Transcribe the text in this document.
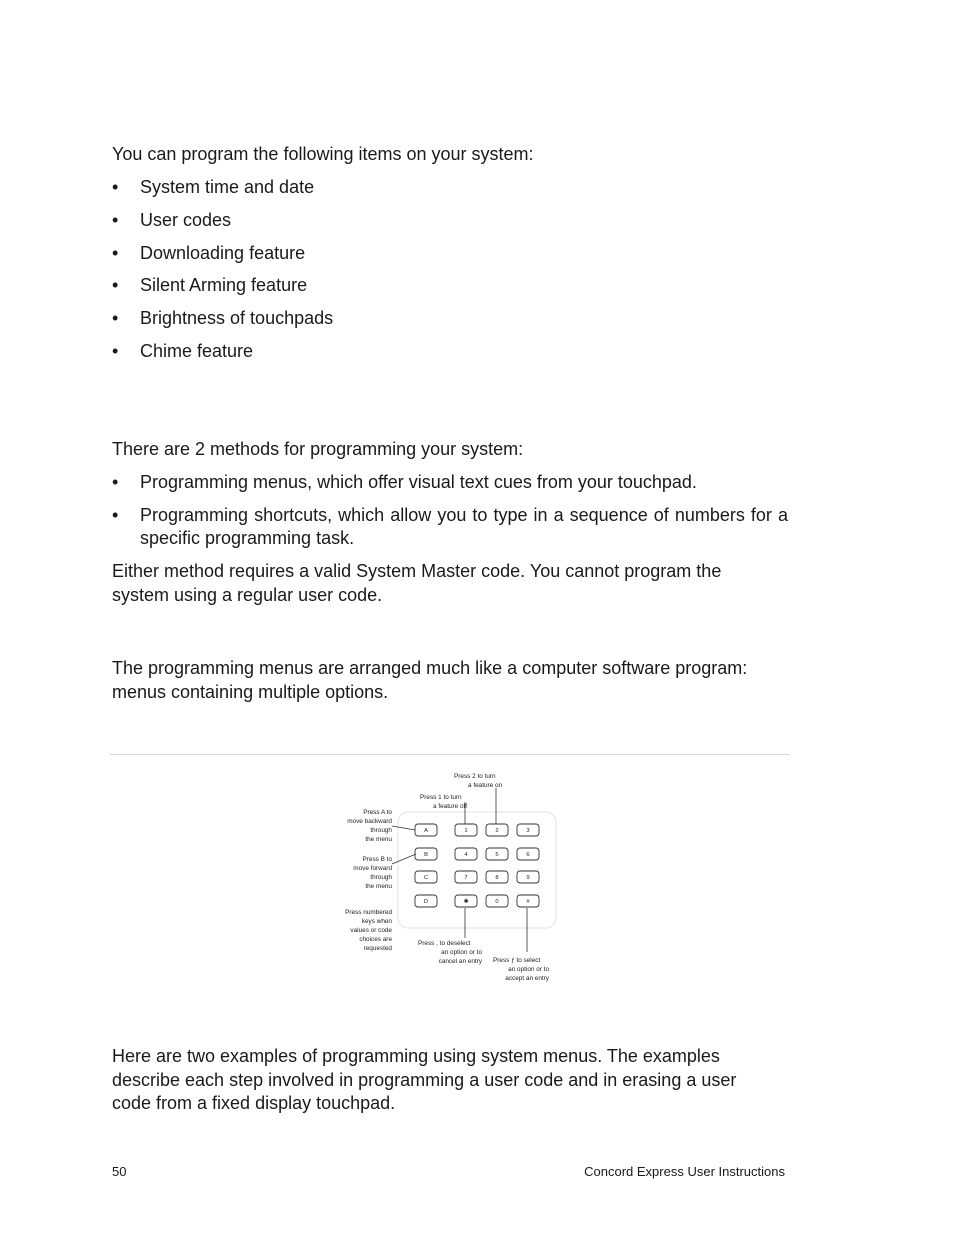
You can program the following items on your system:

• System time and date
• User codes
• Downloading feature
• Silent Arming feature
• Brightness of touchpads
• Chime feature

There are 2 methods for programming your system:

• Programming menus, which offer visual text cues from your touchpad.
• Programming shortcuts, which allow you to type in a sequence of numbers for a specific programming task.

Either method requires a valid System Master code. You cannot program the system using a regular user code.

The programming menus are arranged much like a computer software program: menus containing multiple options.

A	1	2	3
B	4	5	6
C	7	8	9
D	✱	0	#
Press 2 to turn
a feature on
Press 1 to turn
a feature off
Press A to
move backward
through
the menu
Press B to
move forward
through
the menu
Press numbered
keys when
values or code
choices are
requested
Press , to deselect
an option or to
cancel an entry Press ƒ to select
an option or to
accept an entry

Here are two examples of programming using system menus. The examples describe each step involved in programming a user code and in erasing a user code from a fixed display touchpad.

50	Concord Express User Instructions
